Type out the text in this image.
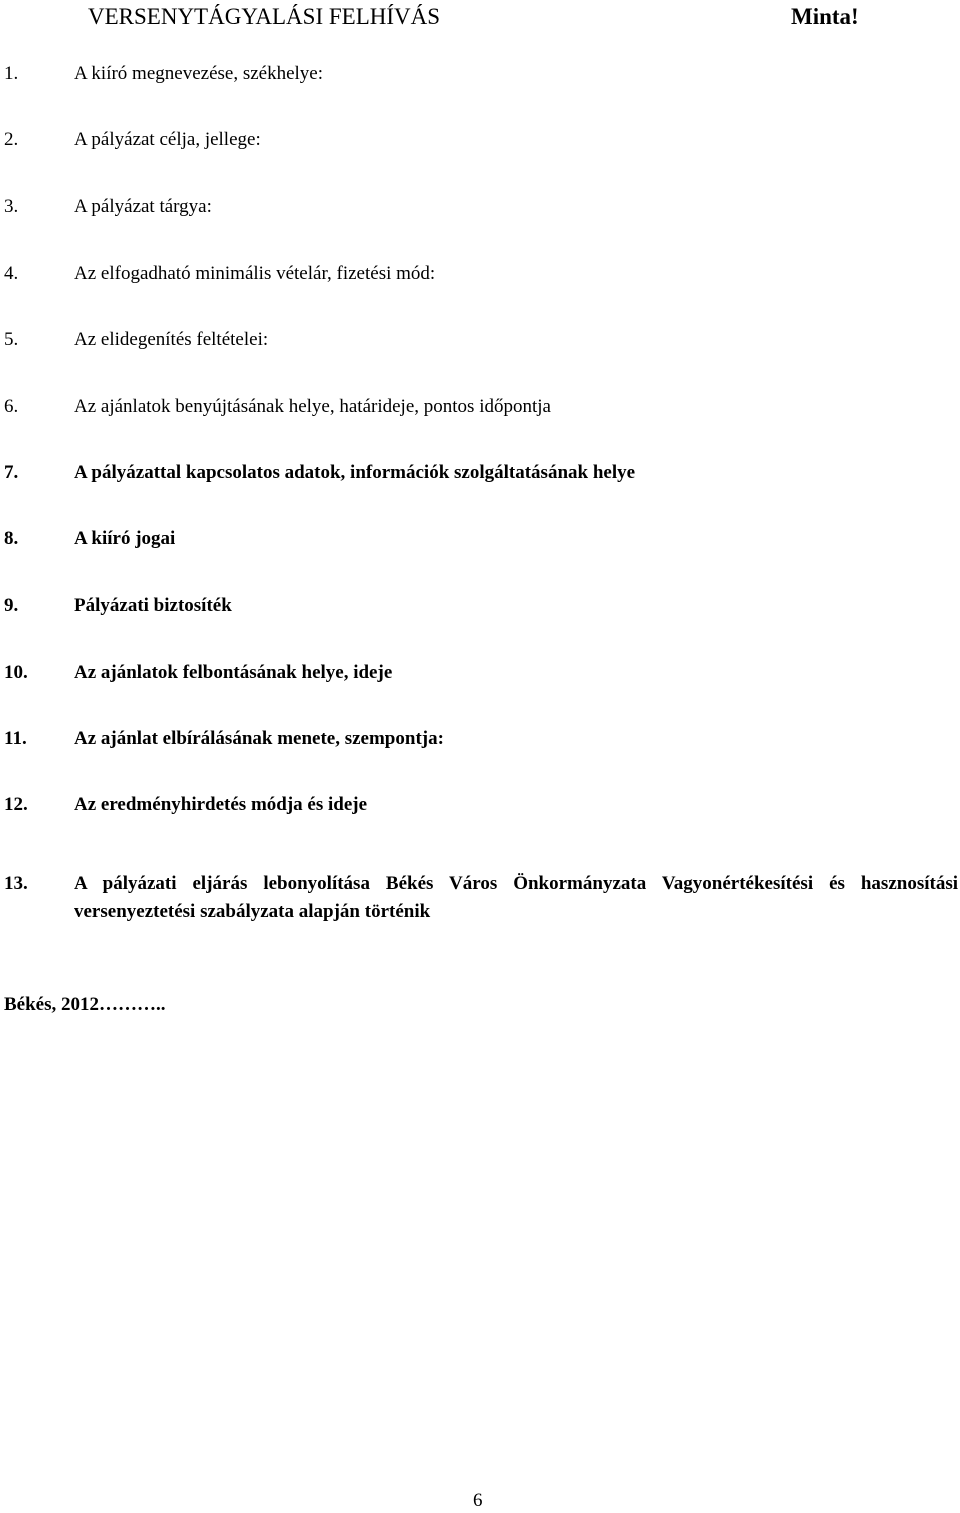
VERSENYTÁGYALÁSI FELHÍVÁS	Minta!
1.	A kiíró megnevezése, székhelye:
2.	A pályázat célja, jellege:
3.	A pályázat tárgya:
4.	Az elfogadható minimális vételár, fizetési mód:
5.	Az elidegenítés feltételei:
6.	Az ajánlatok benyújtásának helye, határideje, pontos időpontja
7.	A pályázattal kapcsolatos adatok, információk szolgáltatásának helye
8.	A kiíró jogai
9.	Pályázati biztosíték
10. Az ajánlatok felbontásának helye, ideje
11. Az ajánlat elbírálásának menete, szempontja:
12. Az eredményhirdetés módja és ideje
13. A pályázati eljárás lebonyolítása Békés Város Önkormányzata Vagyonértékesítési és hasznosítási versenyeztetési szabályzata alapján történik
Békés, 2012………..
6
